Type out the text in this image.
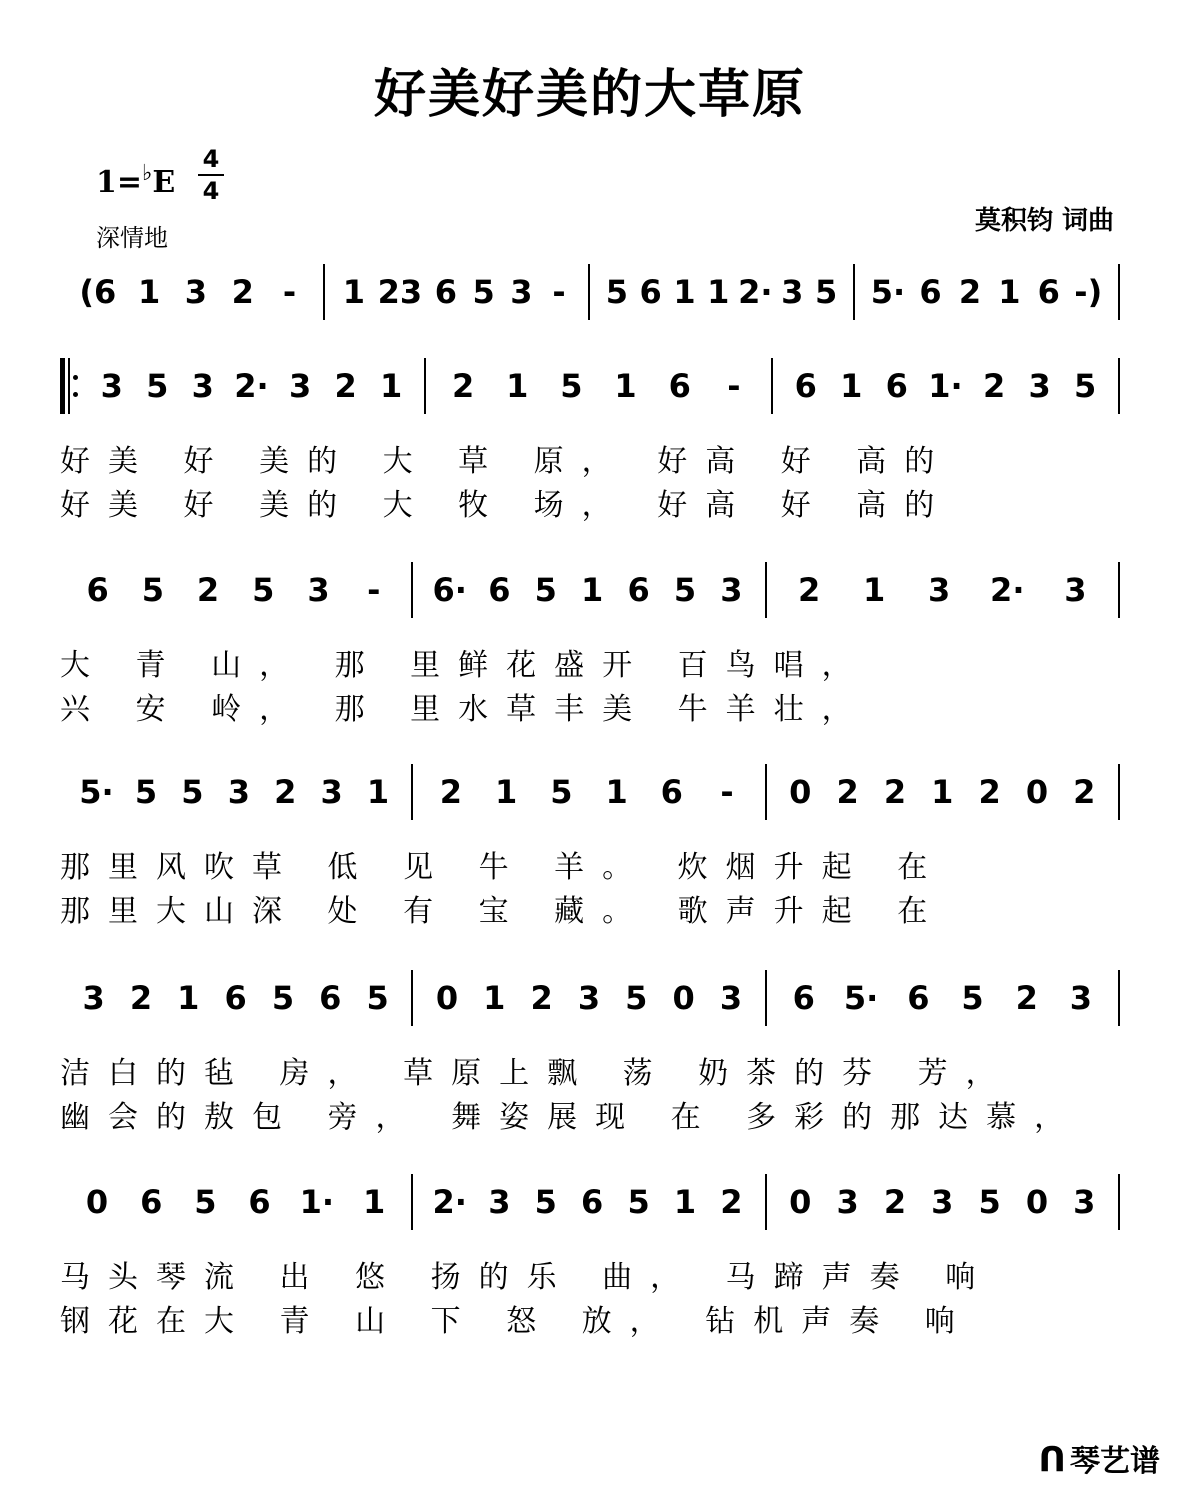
好美好美的大草原
1=♭E
4
4
深情地
莫积钧 词曲
(6 1 3 2 - 1 23 6 5 3 - 5 6 1 1 2· 3 5 5· 6 2 1 6 -)
3 5 3 2· 3 2 1 2 1 5 1 6 - 6 1 6 1· 2 3 5
好美 好 美的 大 草 原， 好高 好 高的
好美 好 美的 大 牧 场， 好高 好 高的
6 5 2 5 3 - 6· 6 5 1 6 5 3 2 1 3 2· 3
大 青 山， 那 里鲜花盛开 百鸟唱，
兴 安 岭， 那 里水草丰美 牛羊壮，
5· 5 5 3 2 3 1 2 1 5 1 6 - 0 2 2 1 2 0 2
那里风吹草 低 见 牛 羊。 炊烟升起 在
那里大山深 处 有 宝 藏。 歌声升起 在
3 2 1 6 5 6 5 0 1 2 3 5 0 3 6 5· 6 5 2 3
洁白的毡 房， 草原上飘 荡 奶茶的芬 芳，
幽会的敖包 旁， 舞姿展现 在 多彩的那达慕，
0 6 5 6 1· 1 2· 3 5 6 5 1 2 0 3 2 3 5 0 3
马头琴流 出 悠 扬的乐 曲， 马蹄声奏 响
钢花在大 青 山 下 怒 放， 钻机声奏 响
ᑎ 琴艺谱
